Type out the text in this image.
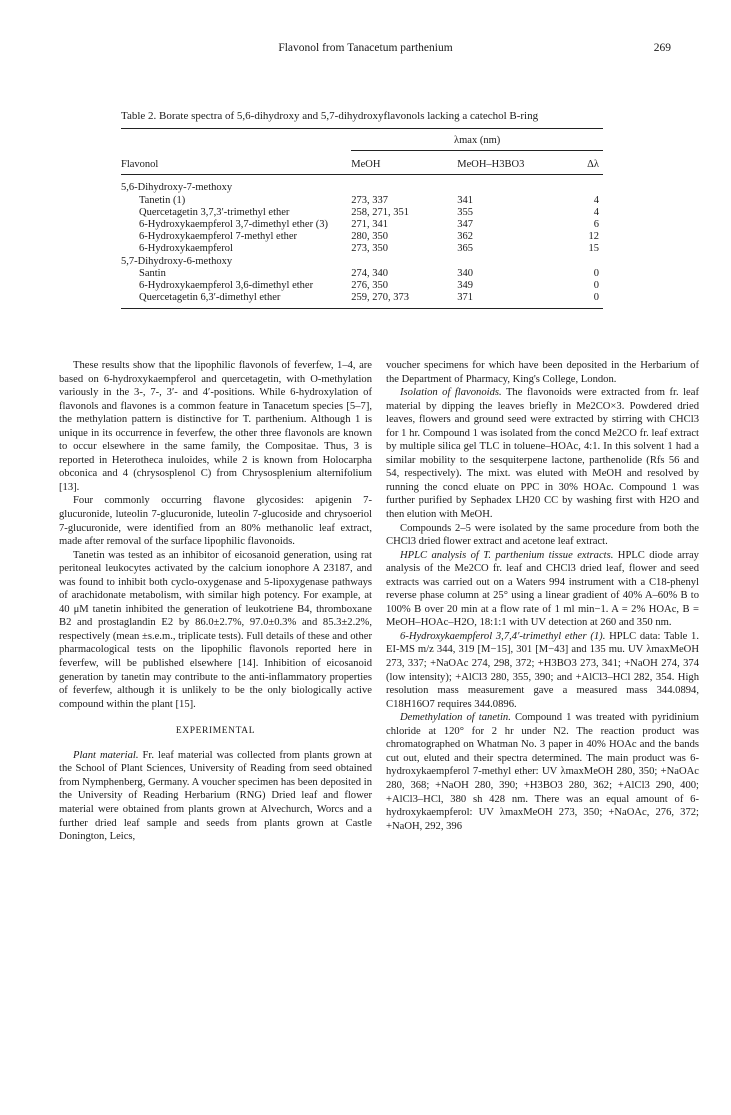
Flavonol from Tanacetum parthenium	269
Table 2. Borate spectra of 5,6-dihydroxy and 5,7-dihydroxyflavonols lacking a catechol B-ring

	λmax (nm)		
Flavonol	MeOH	MeOH–H3BO3	Δλ

5,6-Dihydroxy-7-methoxy			
Tanetin (1)	273, 337	341	4
Quercetagetin 3,7,3′-trimethyl ether	258, 271, 351	355	4
6-Hydroxykaempferol 3,7-dimethyl ether (3)	271, 341	347	6
6-Hydroxykaempferol 7-methyl ether	280, 350	362	12
6-Hydroxykaempferol	273, 350	365	15
5,7-Dihydroxy-6-methoxy			
Santin	274, 340	340	0
6-Hydroxykaempferol 3,6-dimethyl ether	276, 350	349	0
Quercetagetin 6,3′-dimethyl ether	259, 270, 373	371	0

These results show that the lipophilic flavonols of feverfew, 1–4, are based on 6-hydroxykaempferol and quercetagetin, with O-methylation variously in the 3-, 7-, 3′- and 4′-positions. While 6-hydroxylation of flavonols and flavones is a common feature in Tanacetum species [5–7], the methylation pattern is distinctive for T. parthenium. Although 1 is unique in its occurrence in feverfew, the other three flavonols are known to occur elsewhere in the same family, the Compositae. Thus, 3 is reported in Heterotheca inuloides, while 2 is known from Holocarpha obconica and 4 (chrysosplenol C) from Chrysosplenium alternifolium [13].

Four commonly occurring flavone glycosides: apigenin 7-glucuronide, luteolin 7-glucuronide, luteolin 7-glucoside and chrysoeriol 7-glucuronide, were identified from an 80% methanolic leaf extract, made after removal of the surface lipophilic flavonoids.

Tanetin was tested as an inhibitor of eicosanoid generation, using rat peritoneal leukocytes activated by the calcium ionophore A 23187, and was found to inhibit both cyclo-oxygenase and 5-lipoxygenase pathways of arachidonate metabolism, with similar high potency. For example, at 40 μM tanetin inhibited the generation of leukotriene B4, thromboxane B2 and prostaglandin E2 by 86.0±2.7%, 97.0±0.3% and 85.3±2.2%, respectively (mean ±s.e.m., triplicate tests). Full details of these and other pharmacological tests on the lipophilic flavonols reported here in feverfew, will be published elsewhere [14]. Inhibition of eicosanoid generation by tanetin may contribute to the anti-inflammatory properties of feverfew, although it is unlikely to be the only biologically active compound within the plant [15].

EXPERIMENTAL

Plant material. Fr. leaf material was collected from plants grown at the School of Plant Sciences, University of Reading from seed obtained from Nymphenberg, Germany. A voucher specimen has been deposited in the University of Reading Herbarium (RNG) Dried leaf and flower material were obtained from plants grown at Alvechurch, Worcs and a further dried leaf sample and seeds from plants grown at Castle Donington, Leics,

voucher specimens for which have been deposited in the Herbarium of the Department of Pharmacy, King's College, London.

Isolation of flavonoids. The flavonoids were extracted from fr. leaf material by dipping the leaves briefly in Me2CO×3. Powdered dried leaves, flowers and ground seed were extracted by stirring with CHCl3 for 1 hr. Compound 1 was isolated from the concd Me2CO fr. leaf extract by multiple silica gel TLC in toluene–HOAc, 4:1. In this solvent 1 had a similar mobility to the sesquiterpene lactone, parthenolide (Rfs 56 and 54, respectively). The mixt. was eluted with MeOH and resolved by running the concd eluate on PPC in 30% HOAc. Compound 1 was further purified by Sephadex LH20 CC by washing first with H2O and then elution with MeOH.

Compounds 2–5 were isolated by the same procedure from both the CHCl3 dried flower extract and acetone leaf extract.

HPLC analysis of T. parthenium tissue extracts. HPLC diode array analysis of the Me2CO fr. leaf and CHCl3 dried leaf, flower and seed extracts was carried out on a Waters 994 instrument with a C18-phenyl reverse phase column at 25° using a linear gradient of 40% A–60% B to 100% B over 20 min at a flow rate of 1 ml min−1. A = 2% HOAc, B = MeOH–HOAc–H2O, 18:1:1 with UV detection at 260 and 350 nm.

6-Hydroxykaempferol 3,7,4′-trimethyl ether (1). HPLC data: Table 1. EI-MS m/z 344, 319 [M−15], 301 [M−43] and 135 mu. UV λmaxMeOH 273, 337; +NaOAc 274, 298, 372; +H3BO3 273, 341; +NaOH 274, 374 (low intensity); +AlCl3 280, 355, 390; and +AlCl3–HCl 282, 354. High resolution mass measurement gave a measured mass 344.0894, C18H16O7 requires 344.0896.

Demethylation of tanetin. Compound 1 was treated with pyridinium chloride at 120° for 2 hr under N2. The reaction product was chromatographed on Whatman No. 3 paper in 40% HOAc and the bands cut out, eluted and their spectra determined. The main product was 6-hydroxykaempferol 7-methyl ether: UV λmaxMeOH 280, 350; +NaOAc 280, 368; +NaOH 280, 390; +H3BO3 280, 362; +AlCl3 290, 400; +AlCl3–HCl, 380 sh 428 nm. There was an equal amount of 6-hydroxykaempferol: UV λmaxMeOH 273, 350; +NaOAc, 276, 372; +NaOH, 292, 396
